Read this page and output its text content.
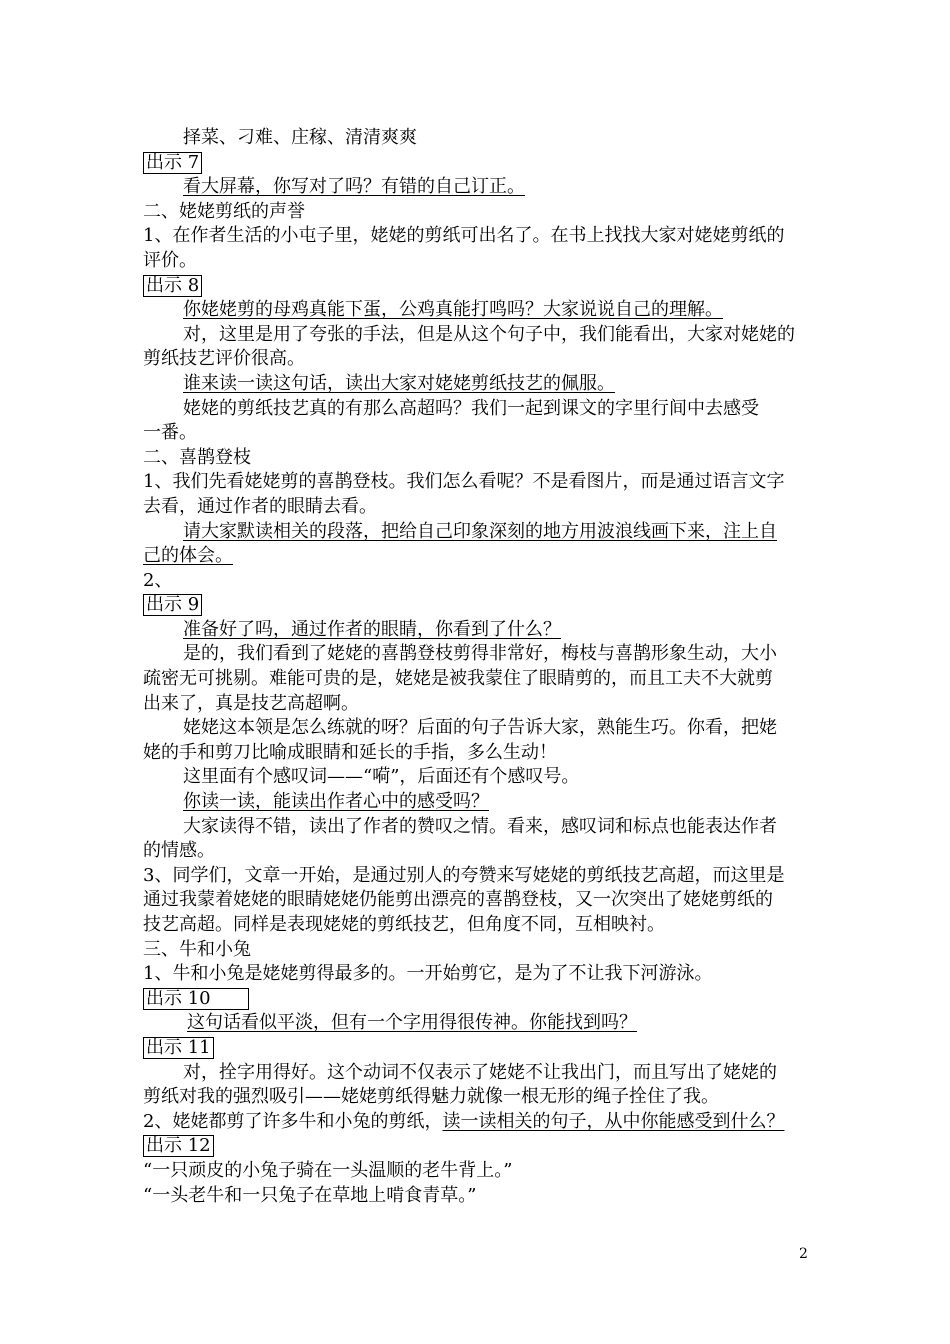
择菜、刁难、庄稼、清清爽爽
出示 7
看大屏幕，你写对了吗？有错的自己订正。
二、姥姥剪纸的声誉
1、在作者生活的小屯子里，姥姥的剪纸可出名了。在书上找找大家对姥姥剪纸的
评价。
出示 8
你姥姥剪的母鸡真能下蛋，公鸡真能打鸣吗？大家说说自己的理解。
对，这里是用了夸张的手法，但是从这个句子中，我们能看出，大家对姥姥的
剪纸技艺评价很高。
谁来读一读这句话，读出大家对姥姥剪纸技艺的佩服。
姥姥的剪纸技艺真的有那么高超吗？我们一起到课文的字里行间中去感受
一番。
二、喜鹊登枝
1、我们先看姥姥剪的喜鹊登枝。我们怎么看呢？不是看图片，而是通过语言文字
去看，通过作者的眼睛去看。
请大家默读相关的段落，把给自己印象深刻的地方用波浪线画下来，注上自
己的体会。
2、
出示 9
准备好了吗，通过作者的眼睛，你看到了什么？
是的，我们看到了姥姥的喜鹊登枝剪得非常好，梅枝与喜鹊形象生动，大小
疏密无可挑剔。难能可贵的是，姥姥是被我蒙住了眼睛剪的，而且工夫不大就剪
出来了，真是技艺高超啊。
姥姥这本领是怎么练就的呀？后面的句子告诉大家，熟能生巧。你看，把姥
姥的手和剪刀比喻成眼睛和延长的手指，多么生动！
这里面有个感叹词——“嗬”，后面还有个感叹号。
你读一读，能读出作者心中的感受吗？
大家读得不错，读出了作者的赞叹之情。看来，感叹词和标点也能表达作者
的情感。
3、同学们，文章一开始，是通过别人的夸赞来写姥姥的剪纸技艺高超，而这里是
通过我蒙着姥姥的眼睛姥姥仍能剪出漂亮的喜鹊登枝，又一次突出了姥姥剪纸的
技艺高超。同样是表现姥姥的剪纸技艺，但角度不同，互相映衬。
三、牛和小兔
1、牛和小兔是姥姥剪得最多的。一开始剪它，是为了不让我下河游泳。
出示 10
这句话看似平淡，但有一个字用得很传神。你能找到吗？
出示 11
对，拴字用得好。这个动词不仅表示了姥姥不让我出门，而且写出了姥姥的
剪纸对我的强烈吸引——姥姥剪纸得魅力就像一根无形的绳子拴住了我。
2、姥姥都剪了许多牛和小兔的剪纸，读一读相关的句子，从中你能感受到什么？
出示 12
“一只顽皮的小兔子骑在一头温顺的老牛背上。”
“一头老牛和一只兔子在草地上啃食青草。”
2
